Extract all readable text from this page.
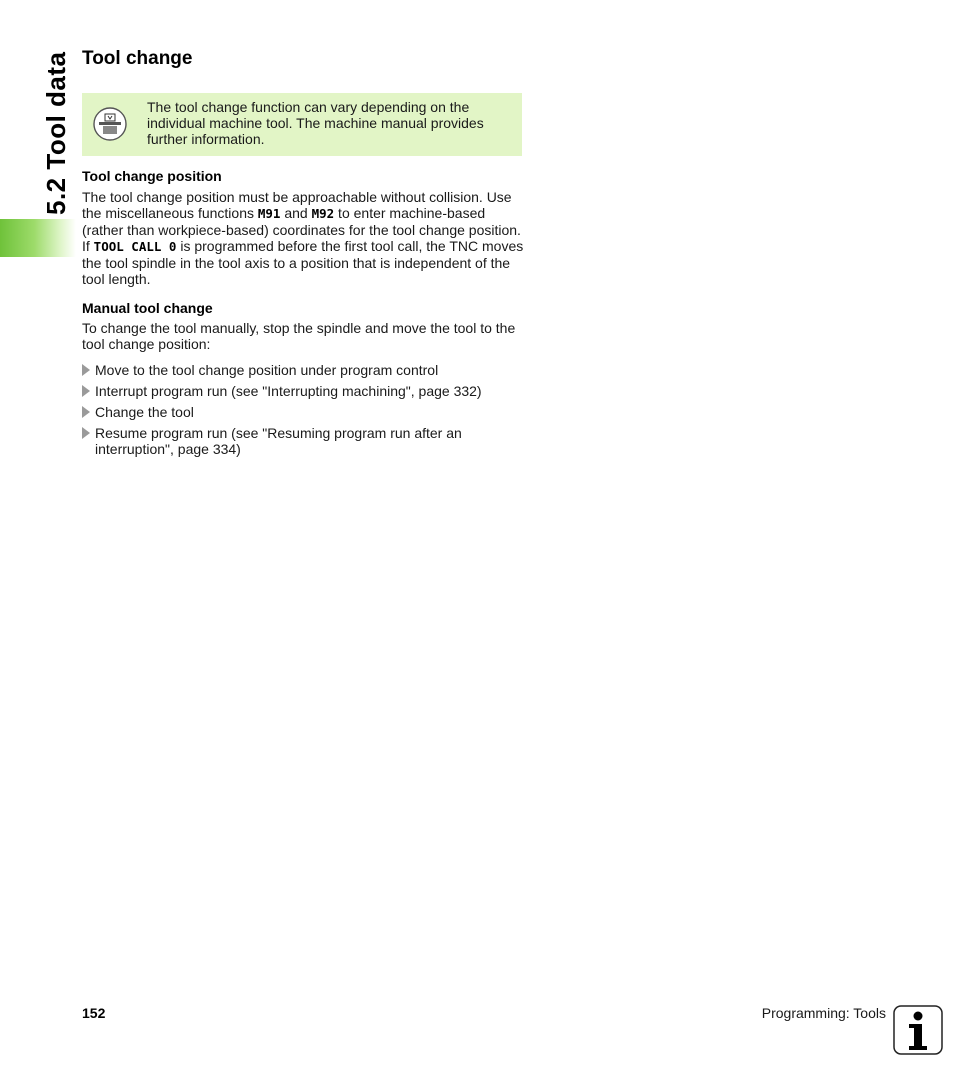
5.2 Tool data Tool change
The tool change function can vary depending on the individual machine tool. The machine manual provides further information.
Tool change position
The tool change position must be approachable without collision. Use the miscellaneous functions M91 and M92 to enter machine-based (rather than workpiece-based) coordinates for the tool change position. If TOOL CALL 0 is programmed before the first tool call, the TNC moves the tool spindle in the tool axis to a position that is independent of the tool length.
Manual tool change
To change the tool manually, stop the spindle and move the tool to the tool change position:
Move to the tool change position under program control
Interrupt program run (see "Interrupting machining", page 332)
Change the tool
Resume program run (see "Resuming program run after an interruption", page 334)
152	Programming: Tools
